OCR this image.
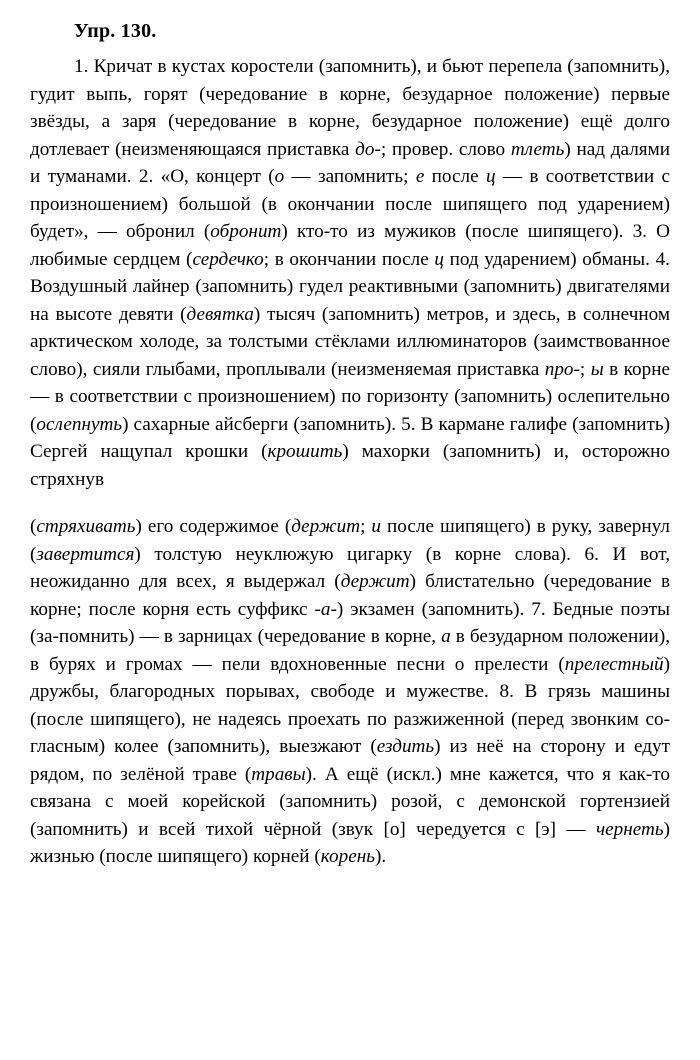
Упр. 130.

1. Кричат в кустах коростели (запомнить), и бьют перепела (запомнить), гудит выпь, горят (чередование в корне, безударное положение) первые звёзды, а заря (чередование в корне, безударное положение) ещё долго дотлевает (неизменяющаяся приставка до-; провер. слово тлеть) над далями и туманами. 2. «О, концерт (о — запомнить; е после ц — в соответствии с произношением) большой (в окончании после шипящего под ударением) будет», — обронил (обронит) кто-то из мужиков (после шипящего). 3. О любимые сердцем (сердечко; в окончании после ц под ударением) обманы. 4. Воздушный лайнер (запомнить) гудел реактивными (запомнить) двигателями на высоте девяти (девятка) тысяч (запомнить) метров, и здесь, в солнечном арктическом холоде, за толстыми стёклами иллюминаторов (заимствованное слово), сияли глыбами, проплывали (неизменяемая приставка про-; ы в корне — в соответствии с произношением) по горизонту (запомнить) ослепительно (ослепнуть) сахарные айсберги (запомнить). 5. В кармане галифе (запомнить) Сергей нащупал крошки (крошить) махорки (запомнить) и, осторожно стряхнув

(стряхивать) его содержимое (держит; и после шипящего) в руку, завернул (завертится) толстую неуклюжую цигарку (в корне слова). 6. И вот, неожиданно для всех, я выдержал (держит) блистательно (чередование в корне; после корня есть суффикс -а-) экзамен (запомнить). 7. Бедные поэты (за-помнить) — в зарницах (чередование в корне, а в безударном положении), в бурях и громах — пели вдохновенные песни о прелести (прелестный) дружбы, благородных порывах, свободе и мужестве. 8. В грязь машины (после шипящего), не надеясь проехать по разжиженной (перед звонким со-гласным) колее (запомнить), выезжают (ездить) из неё на сторону и едут рядом, по зелёной траве (травы). А ещё (искл.) мне кажется, что я как-то связана с моей корейской (запомнить) розой, с демонской гортензией (запомнить) и всей тихой чёрной (звук [о] чередуется с [э] — чернеть) жизнью (после шипящего) корней (корень).
